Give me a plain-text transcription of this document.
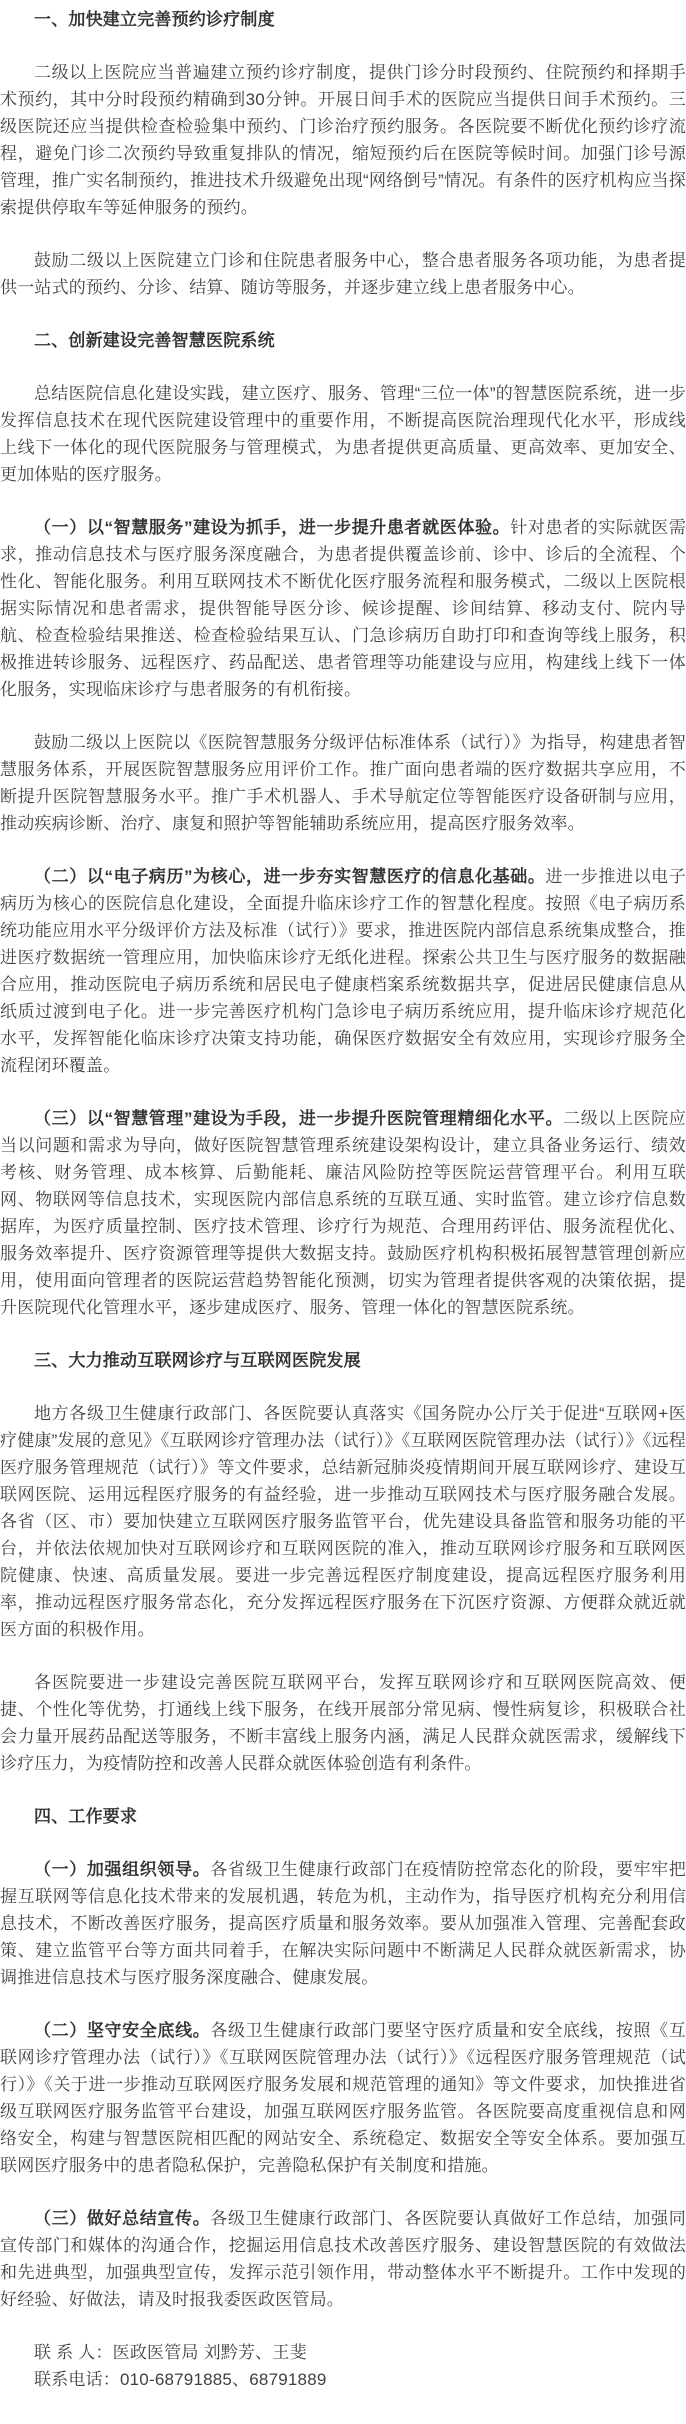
一、加快建立完善预约诊疗制度

二级以上医院应当普遍建立预约诊疗制度，提供门诊分时段预约、住院预约和择期手术预约，其中分时段预约精确到30分钟。开展日间手术的医院应当提供日间手术预约。三级医院还应当提供检查检验集中预约、门诊治疗预约服务。各医院要不断优化预约诊疗流程，避免门诊二次预约导致重复排队的情况，缩短预约后在医院等候时间。加强门诊号源管理，推广实名制预约，推进技术升级避免出现“网络倒号”情况。有条件的医疗机构应当探索提供停取车等延伸服务的预约。

鼓励二级以上医院建立门诊和住院患者服务中心，整合患者服务各项功能，为患者提供一站式的预约、分诊、结算、随访等服务，并逐步建立线上患者服务中心。

二、创新建设完善智慧医院系统

总结医院信息化建设实践，建立医疗、服务、管理“三位一体”的智慧医院系统，进一步发挥信息技术在现代医院建设管理中的重要作用，不断提高医院治理现代化水平，形成线上线下一体化的现代医院服务与管理模式，为患者提供更高质量、更高效率、更加安全、更加体贴的医疗服务。

（一）以“智慧服务”建设为抓手，进一步提升患者就医体验。针对患者的实际就医需求，推动信息技术与医疗服务深度融合，为患者提供覆盖诊前、诊中、诊后的全流程、个性化、智能化服务。利用互联网技术不断优化医疗服务流程和服务模式，二级以上医院根据实际情况和患者需求，提供智能导医分诊、候诊提醒、诊间结算、移动支付、院内导航、检查检验结果推送、检查检验结果互认、门急诊病历自助打印和查询等线上服务，积极推进转诊服务、远程医疗、药品配送、患者管理等功能建设与应用，构建线上线下一体化服务，实现临床诊疗与患者服务的有机衔接。

鼓励二级以上医院以《医院智慧服务分级评估标准体系（试行）》为指导，构建患者智慧服务体系，开展医院智慧服务应用评价工作。推广面向患者端的医疗数据共享应用，不断提升医院智慧服务水平。推广手术机器人、手术导航定位等智能医疗设备研制与应用，推动疾病诊断、治疗、康复和照护等智能辅助系统应用，提高医疗服务效率。

（二）以“电子病历”为核心，进一步夯实智慧医疗的信息化基础。进一步推进以电子病历为核心的医院信息化建设，全面提升临床诊疗工作的智慧化程度。按照《电子病历系统功能应用水平分级评价方法及标准（试行）》要求，推进医院内部信息系统集成整合，推进医疗数据统一管理应用，加快临床诊疗无纸化进程。探索公共卫生与医疗服务的数据融合应用，推动医院电子病历系统和居民电子健康档案系统数据共享，促进居民健康信息从纸质过渡到电子化。进一步完善医疗机构门急诊电子病历系统应用，提升临床诊疗规范化水平，发挥智能化临床诊疗决策支持功能，确保医疗数据安全有效应用，实现诊疗服务全流程闭环覆盖。

（三）以“智慧管理”建设为手段，进一步提升医院管理精细化水平。二级以上医院应当以问题和需求为导向，做好医院智慧管理系统建设架构设计，建立具备业务运行、绩效考核、财务管理、成本核算、后勤能耗、廉洁风险防控等医院运营管理平台。利用互联网、物联网等信息技术，实现医院内部信息系统的互联互通、实时监管。建立诊疗信息数据库，为医疗质量控制、医疗技术管理、诊疗行为规范、合理用药评估、服务流程优化、服务效率提升、医疗资源管理等提供大数据支持。鼓励医疗机构积极拓展智慧管理创新应用，使用面向管理者的医院运营趋势智能化预测，切实为管理者提供客观的决策依据，提升医院现代化管理水平，逐步建成医疗、服务、管理一体化的智慧医院系统。

三、大力推动互联网诊疗与互联网医院发展

地方各级卫生健康行政部门、各医院要认真落实《国务院办公厅关于促进“互联网+医疗健康”发展的意见》《互联网诊疗管理办法（试行）》《互联网医院管理办法（试行）》《远程医疗服务管理规范（试行）》等文件要求，总结新冠肺炎疫情期间开展互联网诊疗、建设互联网医院、运用远程医疗服务的有益经验，进一步推动互联网技术与医疗服务融合发展。各省（区、市）要加快建立互联网医疗服务监管平台，优先建设具备监管和服务功能的平台，并依法依规加快对互联网诊疗和互联网医院的准入，推动互联网诊疗服务和互联网医院健康、快速、高质量发展。要进一步完善远程医疗制度建设，提高远程医疗服务利用率，推动远程医疗服务常态化，充分发挥远程医疗服务在下沉医疗资源、方便群众就近就医方面的积极作用。

各医院要进一步建设完善医院互联网平台，发挥互联网诊疗和互联网医院高效、便捷、个性化等优势，打通线上线下服务，在线开展部分常见病、慢性病复诊，积极联合社会力量开展药品配送等服务，不断丰富线上服务内涵，满足人民群众就医需求，缓解线下诊疗压力，为疫情防控和改善人民群众就医体验创造有利条件。

四、工作要求

（一）加强组织领导。各省级卫生健康行政部门在疫情防控常态化的阶段，要牢牢把握互联网等信息化技术带来的发展机遇，转危为机，主动作为，指导医疗机构充分利用信息技术，不断改善医疗服务，提高医疗质量和服务效率。要从加强准入管理、完善配套政策、建立监管平台等方面共同着手，在解决实际问题中不断满足人民群众就医新需求，协调推进信息技术与医疗服务深度融合、健康发展。

（二）坚守安全底线。各级卫生健康行政部门要坚守医疗质量和安全底线，按照《互联网诊疗管理办法（试行）》《互联网医院管理办法（试行）》《远程医疗服务管理规范（试行）》《关于进一步推动互联网医疗服务发展和规范管理的通知》等文件要求，加快推进省级互联网医疗服务监管平台建设，加强互联网医疗服务监管。各医院要高度重视信息和网络安全，构建与智慧医院相匹配的网站安全、系统稳定、数据安全等安全体系。要加强互联网医疗服务中的患者隐私保护，完善隐私保护有关制度和措施。

（三）做好总结宣传。各级卫生健康行政部门、各医院要认真做好工作总结，加强同宣传部门和媒体的沟通合作，挖掘运用信息技术改善医疗服务、建设智慧医院的有效做法和先进典型，加强典型宣传，发挥示范引领作用，带动整体水平不断提升。工作中发现的好经验、好做法，请及时报我委医政医管局。

联 系 人：医政医管局 刘黔芳、王斐
联系电话：010-68791885、68791889
